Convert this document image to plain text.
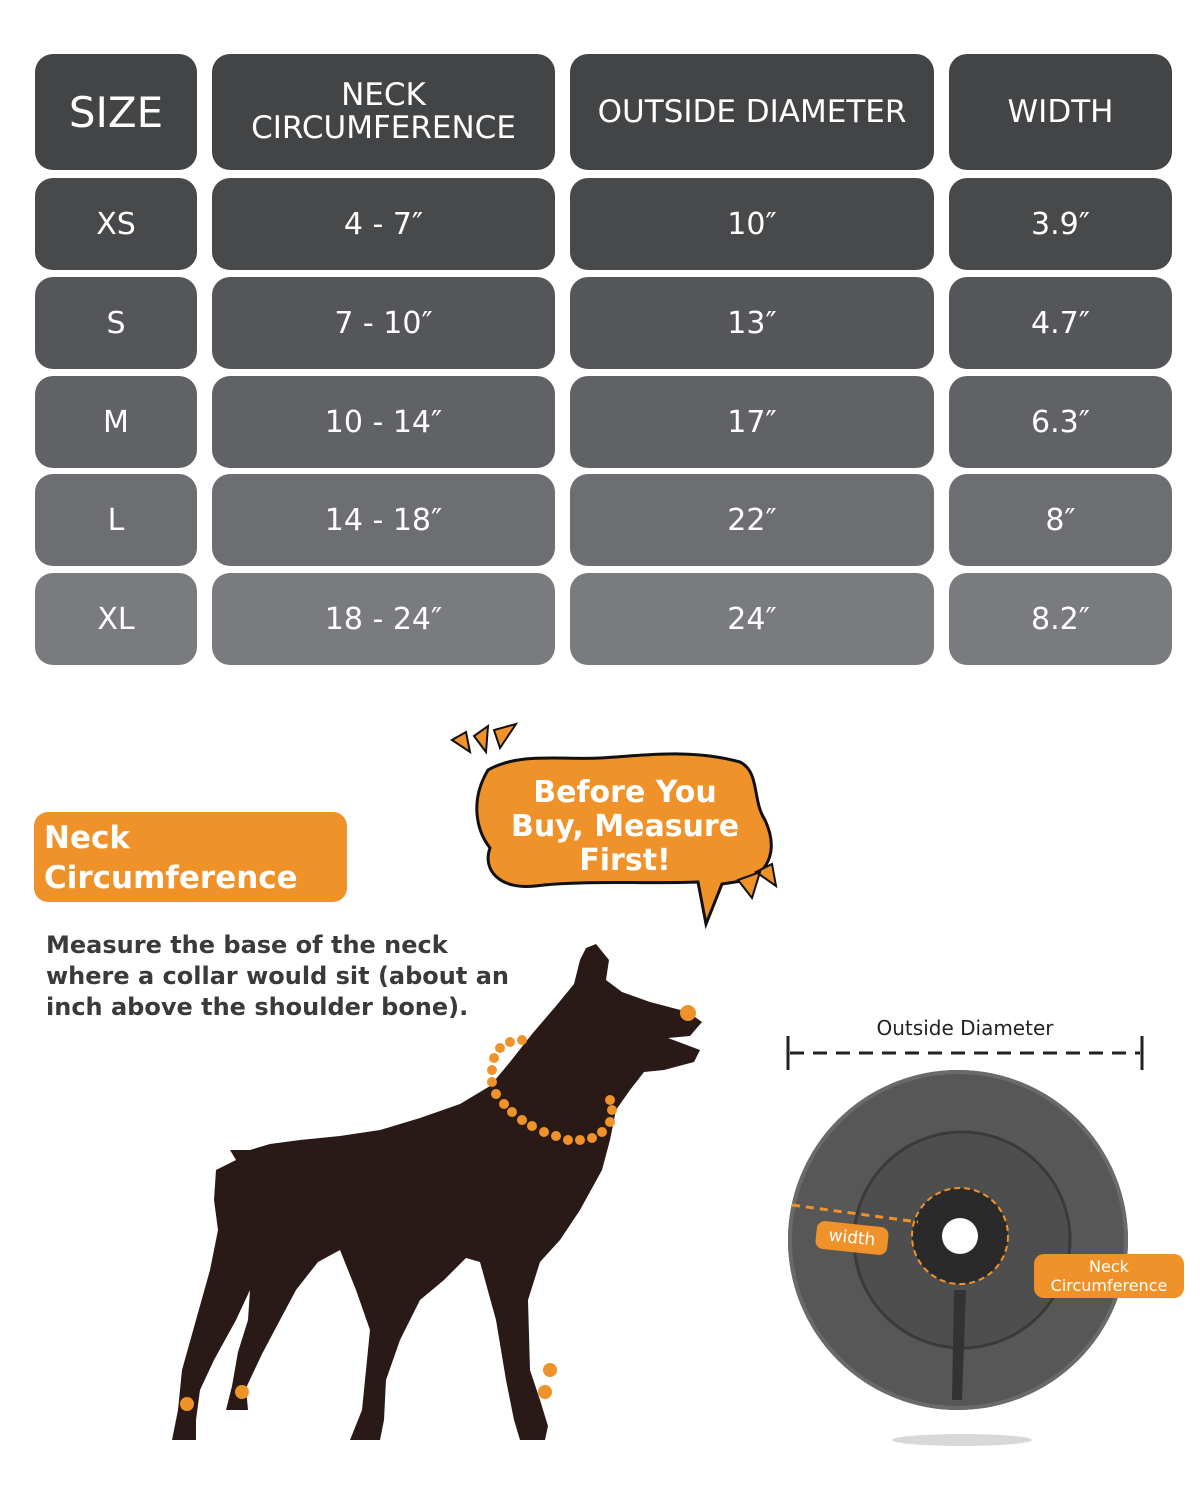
SIZE	NECK CIRCUMFERENCE	OUTSIDE DIAMETER	WIDTH
XS	4 - 7″	10″	3.9″
S	7 - 10″	13″	4.7″
M	10 - 14″	17″	6.3″
L	14 - 18″	22″	8″
XL	18 - 24″	24″	8.2″
Before You
Buy, Measure
First!
Neck
Circumference
Measure the base of the neck where a collar would sit (about an inch above the shoulder bone).
Outside Diameter
width
Neck
Circumference
